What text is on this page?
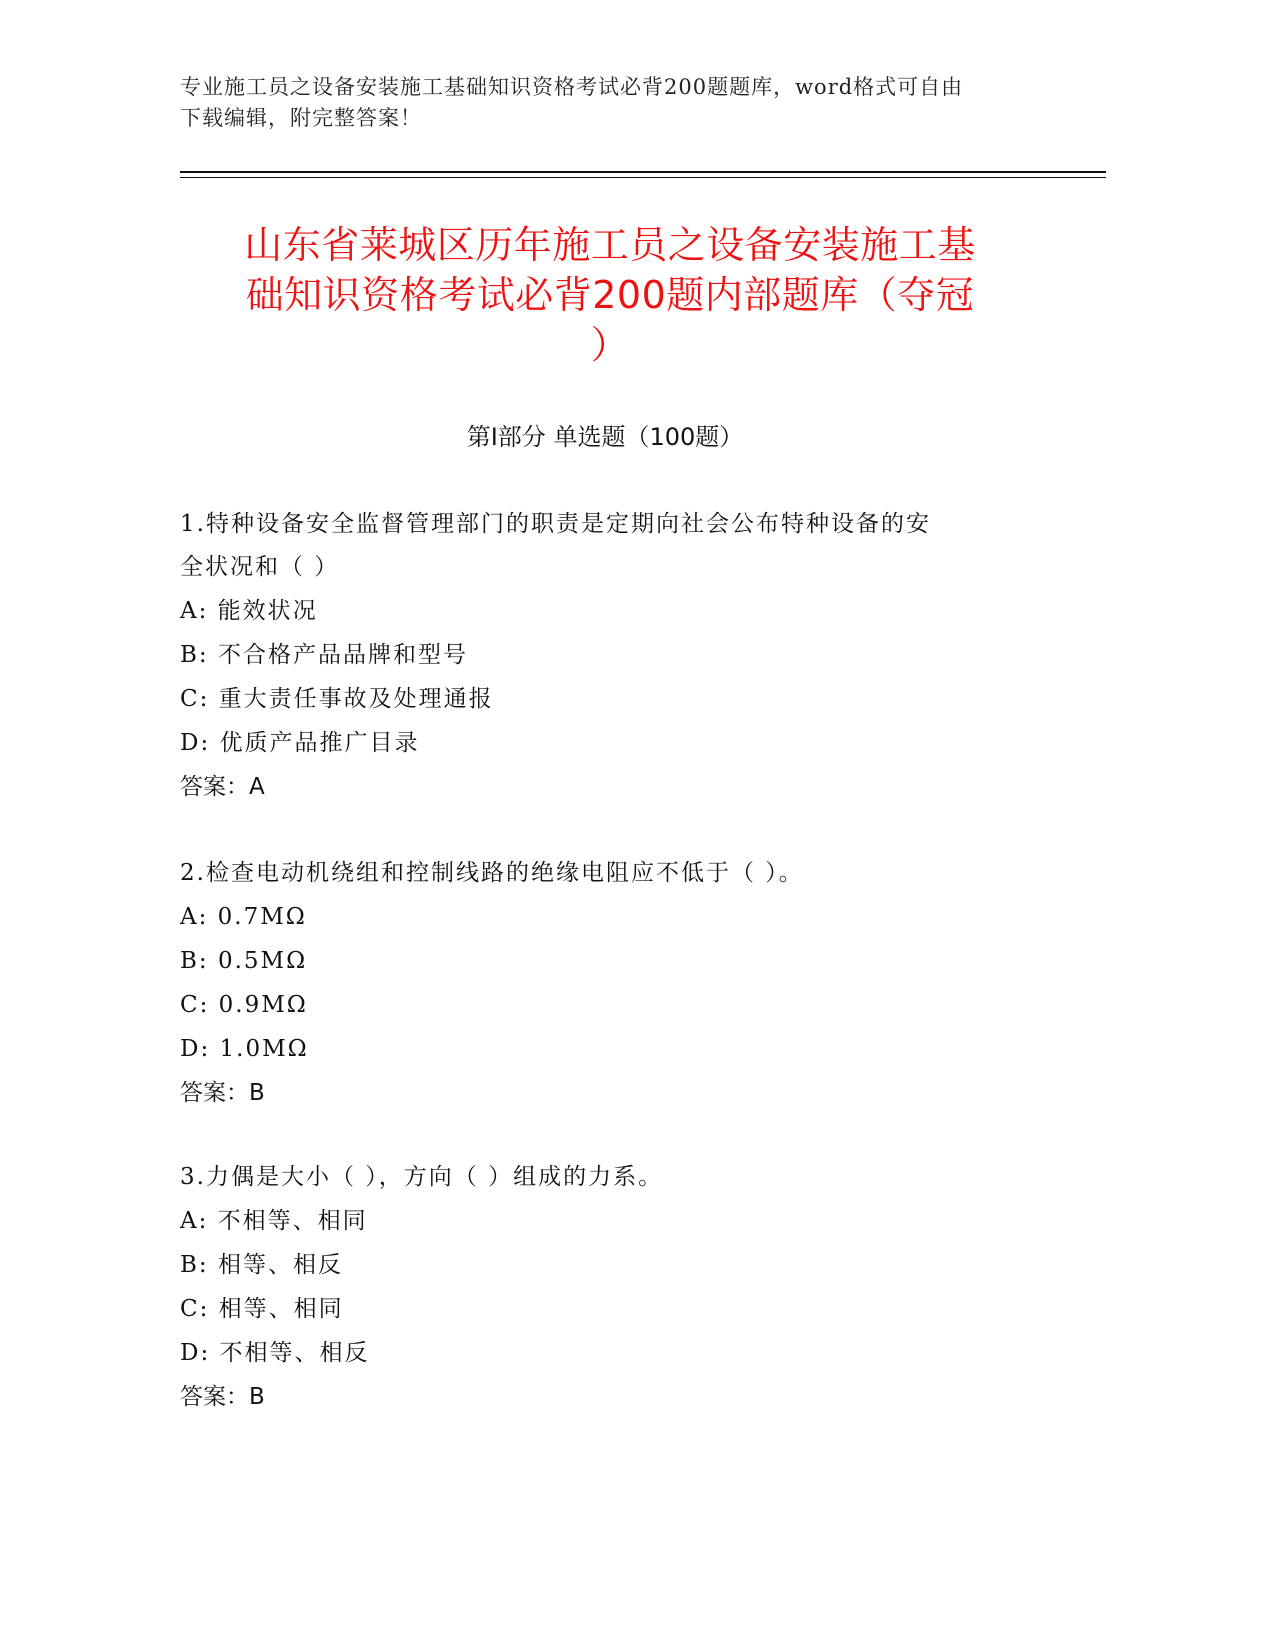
专业施工员之设备安装施工基础知识资格考试必背200题题库，word格式可自由
下载编辑，附完整答案！
山东省莱城区历年施工员之设备安装施工基
础知识资格考试必背200题内部题库（夺冠
）
第I部分 单选题（100题）
1.特种设备安全监督管理部门的职责是定期向社会公布特种设备的安
全状况和（ ）
A: 能效状况
B: 不合格产品品牌和型号
C: 重大责任事故及处理通报
D: 优质产品推广目录
答案：A
2.检查电动机绕组和控制线路的绝缘电阻应不低于（ ）。
A: 0.7MΩ
B: 0.5MΩ
C: 0.9MΩ
D: 1.0MΩ
答案：B
3.力偶是大小（ ），方向（ ）组成的力系。
A: 不相等、相同
B: 相等、相反
C: 相等、相同
D: 不相等、相反
答案：B
